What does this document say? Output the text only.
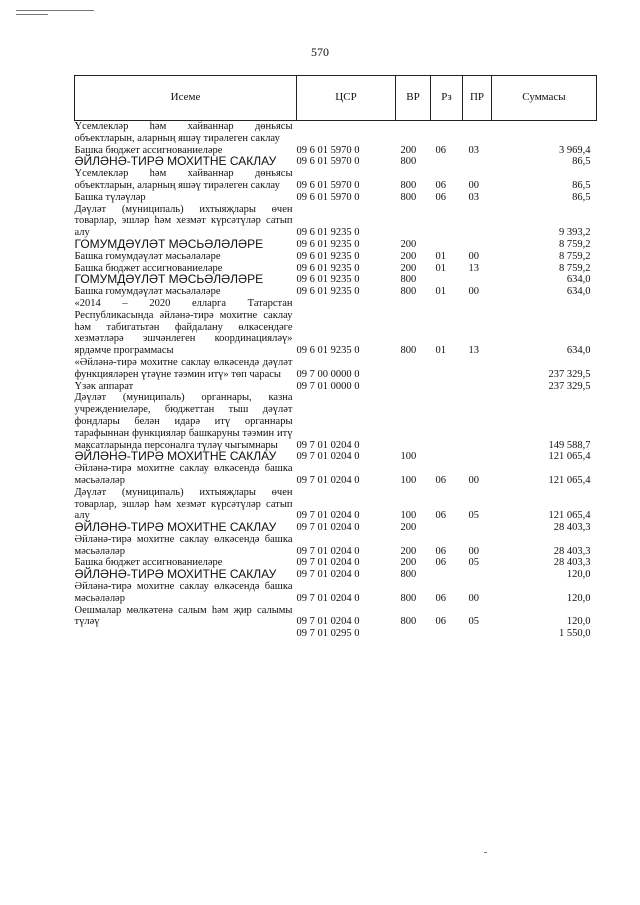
570
Исеме	ЦСР	ВР	Рз	ПР	Суммасы
Үсемлекләр һәм хайваннар дөньясы объектларын, аларның яшәү тирәлеген саклау					
Башка бюджет ассигнованиеләре	09 6 01 5970 0	200	06	03	3 969,4
ӘЙЛӘНӘ-ТИРӘ МОХИТНЕ САКЛАУ	09 6 01 5970 0	800			86,5
Үсемлекләр һәм хайваннар дөньясы объектларын, аларның яшәү тирәлеген саклау	09 6 01 5970 0	800	06	00	86,5
Башка түләүләр	09 6 01 5970 0	800	06	03	86,5
Дәүләт (муниципаль) ихтыяҗлары өчен товарлар, эшләр һәм хезмәт күрсәтүләр сатып алу	09 6 01 9235 0				9 393,2
ГОМУМДӘҮЛӘТ МӘСЬӘЛӘЛӘРЕ	09 6 01 9235 0	200			8 759,2
Башка гомумдәүләт мәсьәләләре	09 6 01 9235 0	200	01	00	8 759,2
Башка бюджет ассигнованиеләре	09 6 01 9235 0	200	01	13	8 759,2
ГОМУМДӘҮЛӘТ МӘСЬӘЛӘЛӘРЕ	09 6 01 9235 0	800			634,0
Башка гомумдәүләт мәсьәләләре	09 6 01 9235 0	800	01	00	634,0
«2014 – 2020 елларга Татарстан Республикасында әйләнә-тирә мохитне саклау һәм табигатьтән файдалану өлкәсендәге хезмәтләрә эшчәнлеген координацияләү» ярдәмче программасы	09 6 01 9235 0	800	01	13	634,0
«Әйләнә-тирә мохитне саклау өлкәсендә дәүләт функцияләрен үтәүне тәэмин итү» төп чарасы	09 7 00 0000 0				237 329,5
Үзәк аппарат	09 7 01 0000 0				237 329,5
Дәүләт (муниципаль) органнары, казна учреждениеләре, бюджеттан тыш дәүләт фондлары белән идарә итү органнары тарафыннан функцияләр башкаруны тәэмин итү максатларында персоналга түләү чыгымнары	09 7 01 0204 0				149 588,7
ӘЙЛӘНӘ-ТИРӘ МОХИТНЕ САКЛАУ	09 7 01 0204 0	100			121 065,4
Әйләнә-тирә мохитне саклау өлкәсендә башка мәсьәләләр	09 7 01 0204 0	100	06	00	121 065,4
Дәүләт (муниципаль) ихтыяҗлары өчен товарлар, эшләр һәм хезмәт күрсәтүләр сатып алу	09 7 01 0204 0	100	06	05	121 065,4
ӘЙЛӘНӘ-ТИРӘ МОХИТНЕ САКЛАУ	09 7 01 0204 0	200			28 403,3
Әйләнә-тирә мохитне саклау өлкәсендә башка мәсьәләләр	09 7 01 0204 0	200	06	00	28 403,3
Башка бюджет ассигнованиеләре	09 7 01 0204 0	200	06	05	28 403,3
ӘЙЛӘНӘ-ТИРӘ МОХИТНЕ САКЛАУ	09 7 01 0204 0	800			120,0
Әйләнә-тирә мохитне саклау өлкәсендә башка мәсьәләләр	09 7 01 0204 0	800	06	00	120,0
Оешмалар мөлкәтенә салым һәм җир салымы түләү	09 7 01 0204 0	800	06	05	120,0
	09 7 01 0295 0				1 550,0
